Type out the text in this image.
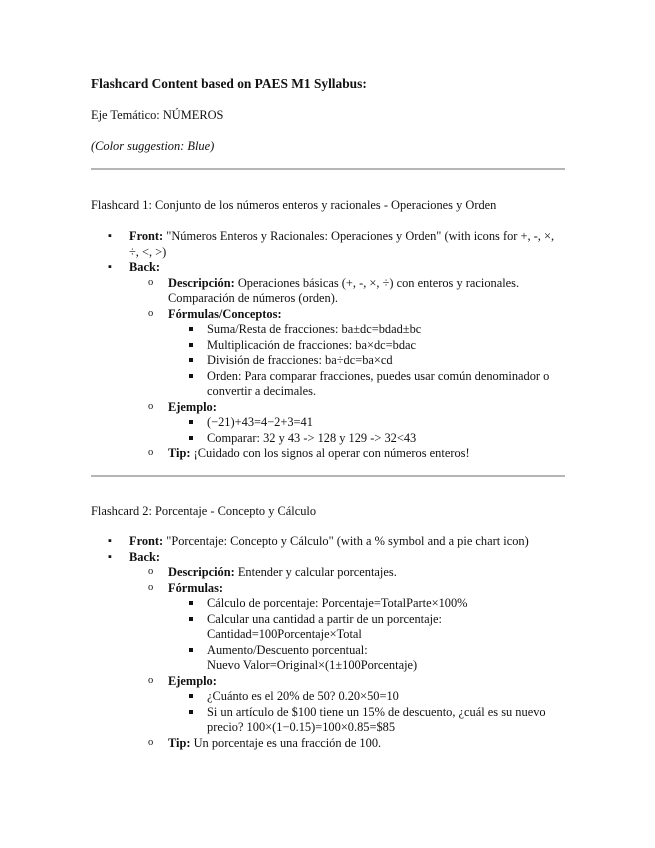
Flashcard Content based on PAES M1 Syllabus:
Eje Temático: NÚMEROS
(Color suggestion: Blue)
Flashcard 1: Conjunto de los números enteros y racionales - Operaciones y Orden
▪ Front: "Números Enteros y Racionales: Operaciones y Orden" (with icons for +, -, ×, ÷, <, >)
▪ Back:
o Descripción: Operaciones básicas (+, -, ×, ÷) con enteros y racionales. Comparación de números (orden).
o Fórmulas/Conceptos:
Suma/Resta de fracciones: ba±dc=bdad±bc
Multiplicación de fracciones: ba×dc=bdac
División de fracciones: ba÷dc=ba×cd
Orden: Para comparar fracciones, puedes usar común denominador o convertir a decimales.
o Ejemplo:
(−21)+43=4−2+3=41
Comparar: 32 y 43 -> 128 y 129 -> 32<43
o Tip: ¡Cuidado con los signos al operar con números enteros!
Flashcard 2: Porcentaje - Concepto y Cálculo
▪ Front: "Porcentaje: Concepto y Cálculo" (with a % symbol and a pie chart icon)
▪ Back:
o Descripción: Entender y calcular porcentajes.
o Fórmulas:
Cálculo de porcentaje: Porcentaje=TotalParte×100%
Calcular una cantidad a partir de un porcentaje:
Cantidad=100Porcentaje×Total
Aumento/Descuento porcentual:
Nuevo Valor=Original×(1±100Porcentaje)
o Ejemplo:
¿Cuánto es el 20% de 50? 0.20×50=10
Si un artículo de $100 tiene un 15% de descuento, ¿cuál es su nuevo precio? 100×(1−0.15)=100×0.85=$85
o Tip: Un porcentaje es una fracción de 100.
